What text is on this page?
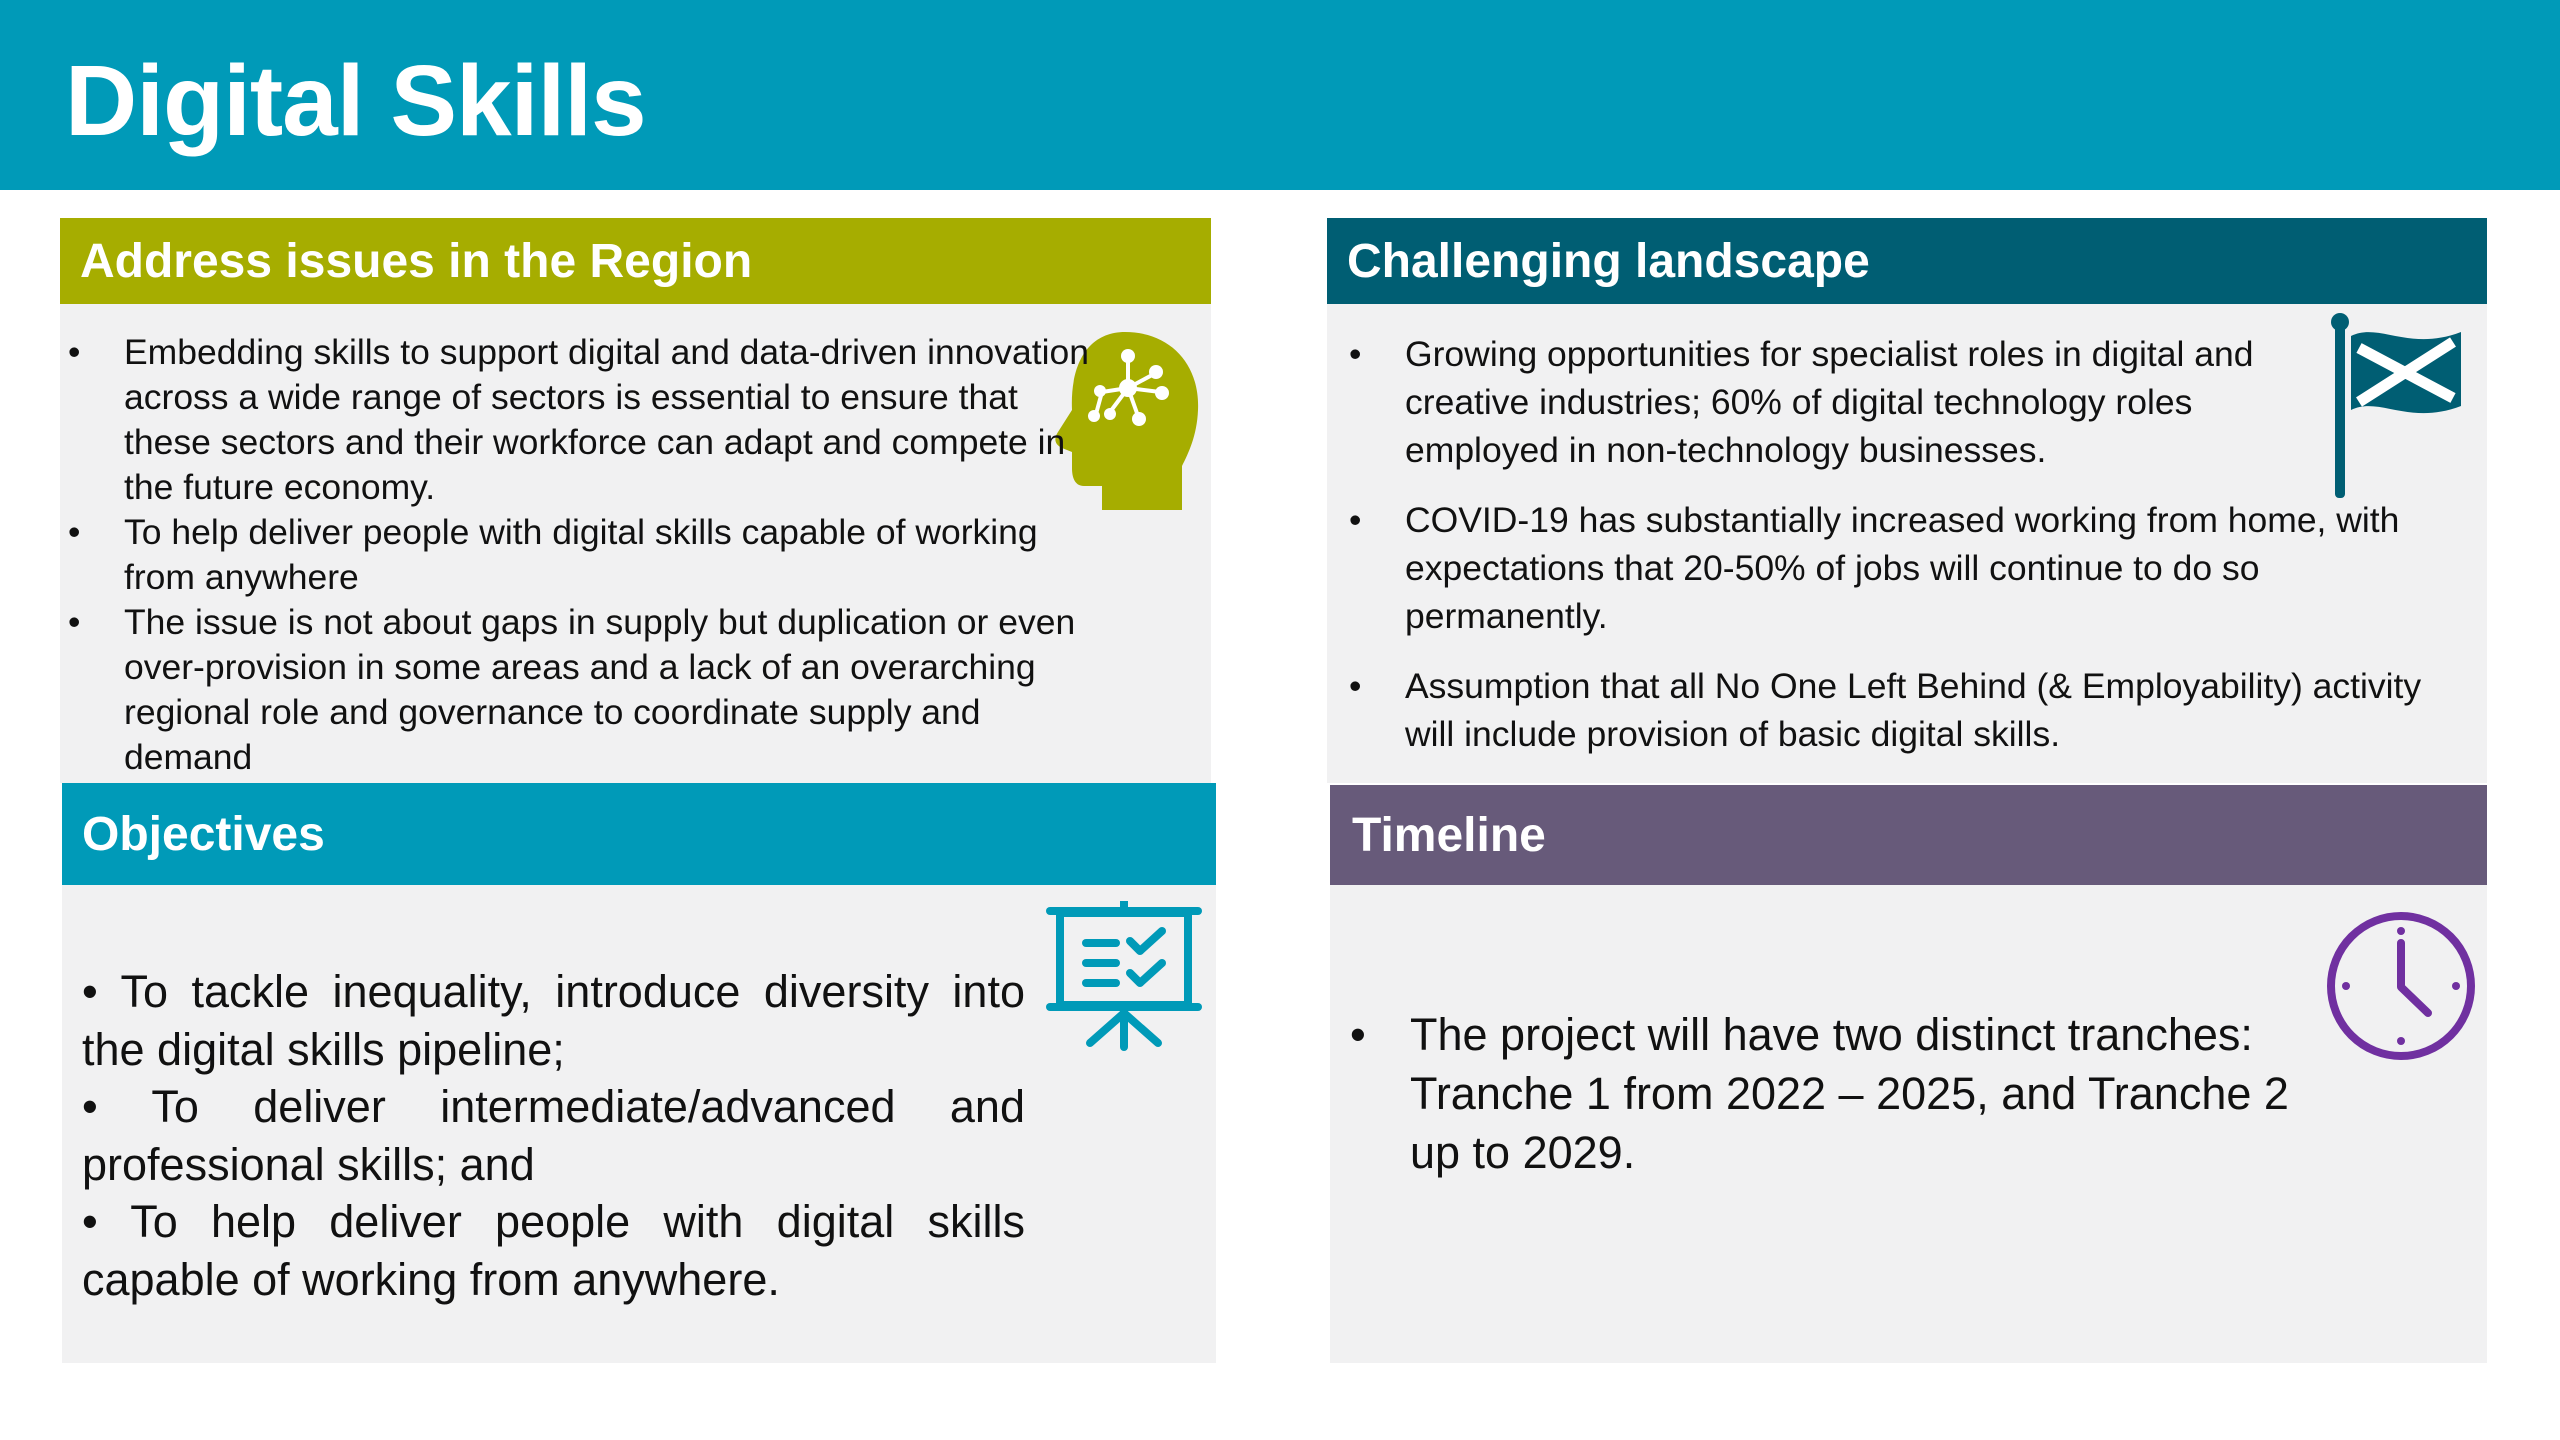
Digital Skills
Address issues in the Region
• Embedding skills to support digital and data-driven innovation across a wide range of sectors is essential to ensure that these sectors and their workforce can adapt and compete in the future economy.
• To help deliver people with digital skills capable of working from anywhere
• The issue is not about gaps in supply but duplication or even over-provision in some areas and a lack of an overarching regional role and governance to coordinate supply and demand
Challenging landscape
• Growing opportunities for specialist roles in digital and creative industries; 60% of digital technology roles employed in non-technology businesses.
• COVID-19 has substantially increased working from home, with expectations that 20-50% of jobs will continue to do so permanently.
• Assumption that all No One Left Behind (& Employability) activity will include provision of basic digital skills.
Objectives
• To tackle inequality, introduce diversity into the digital skills pipeline;
• To deliver intermediate/advanced and professional skills; and
• To help deliver people with digital skills capable of working from anywhere.
Timeline
• The project will have two distinct tranches: Tranche 1 from 2022 – 2025, and Tranche 2 up to 2029.
